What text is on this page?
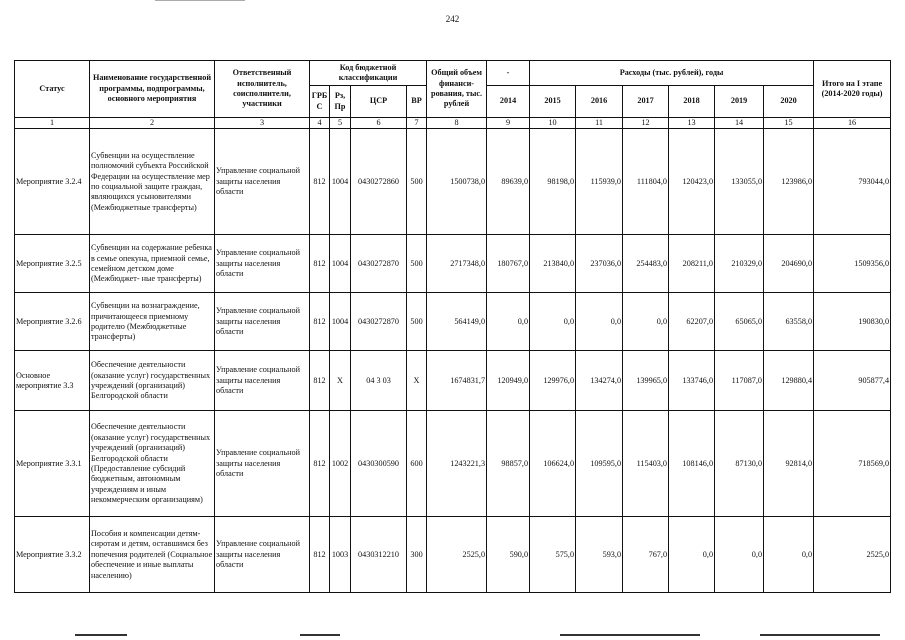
242
Статус	Наименование государственной программы, подпрограммы, основного мероприятия	Ответственный исполнитель, соисполнители, участники	Код бюджетной классификации				Общий объем финанси- рования, тыс. рублей	-	Расходы (тыс. рублей), годы						Итого на I этапе (2014-2020 годы)
			ГРБ С	Рз, Пр	ЦСР	ВР		2014	2015	2016	2017	2018	2019	2020	
1	2	3	4	5	6	7	8	9	10	11	12	13	14	15	16
Мероприятие 3.2.4	Субвенции на осуществление полномочий субъекта Российской Федерации на осуществление мер по социальной защите граждан, являющихся усыновителями (Межбюджетные трансферты)	Управление социальной защиты населения области	812	1004	0430272860	500	1500738,0	89639,0	98198,0	115939,0	111804,0	120423,0	133055,0	123986,0	793044,0
Мероприятие 3.2.5	Субвенции на содержание ребенка в семье опекуна, приемной семье, семейном детском доме (Межбюджет- ные трансферты)	Управление социальной защиты населения области	812	1004	0430272870	500	2717348,0	180767,0	213840,0	237036,0	254483,0	208211,0	210329,0	204690,0	1509356,0
Мероприятие 3.2.6	Субвенции на вознаграждение, причитающееся приемному родителю (Межбюджетные трансферты)	Управление социальной защиты населения области	812	1004	0430272870	500	564149,0	0,0	0,0	0,0	0,0	62207,0	65065,0	63558,0	190830,0
Основное мероприятие 3.3	Обеспечение деятельности (оказание услуг) государственных учреждений (организаций) Белгородской области	Управление социальной защиты населения области	812	X	04 3 03	X	1674831,7	120949,0	129976,0	134274,0	139965,0	133746,0	117087,0	129880,4	905877,4
Мероприятие 3.3.1	Обеспечение деятельности (оказание услуг) государственных учреждений (организаций) Белгородской области (Предоставление субсидий бюджетным, автономным учреждениям и иным некоммерческим организациям)	Управление социальной защиты населения области	812	1002	0430300590	600	1243221,3	98857,0	106624,0	109595,0	115403,0	108146,0	87130,0	92814,0	718569,0
Мероприятие 3.3.2	Пособия и компенсации детям-сиротам и детям, оставшимся без попечения родителей (Социальное обеспечение и иные выплаты населению)	Управление социальной защиты населения области	812	1003	0430312210	300	2525,0	590,0	575,0	593,0	767,0	0,0	0,0	0,0	2525,0
